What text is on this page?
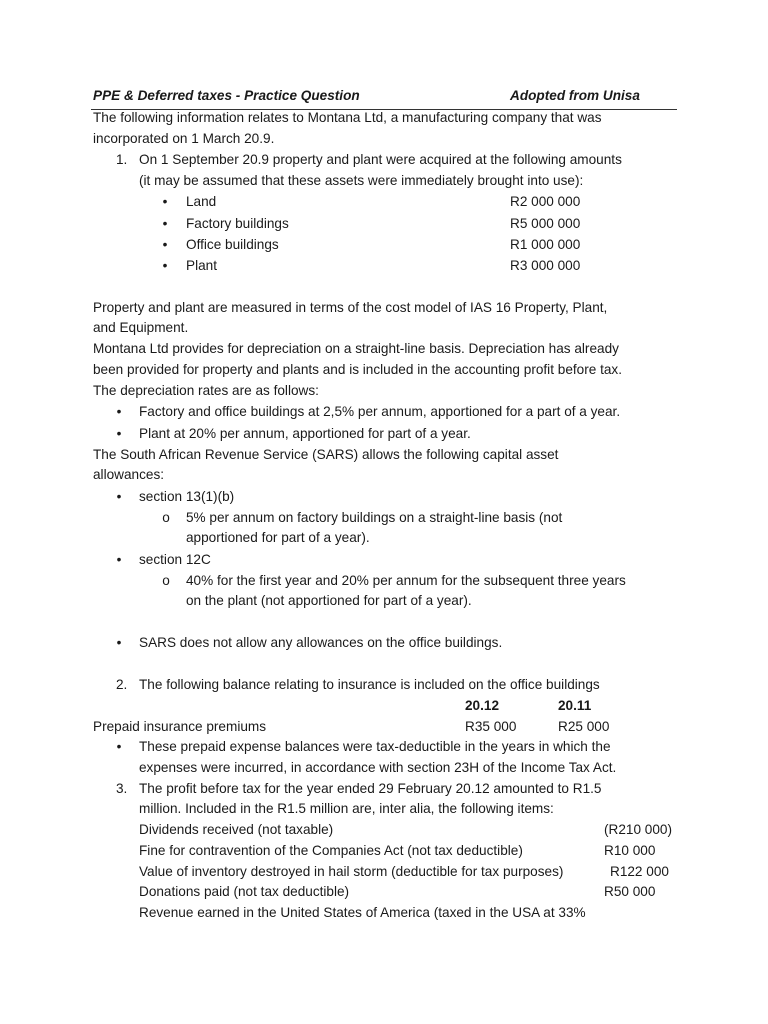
PPE & Deferred taxes - Practice Question	Adopted from Unisa
The following information relates to Montana Ltd, a manufacturing company that was
incorporated on 1 March 20.9.
1. On 1 September 20.9 property and plant were acquired at the following amounts
(it may be assumed that these assets were immediately brought into use):
• Land	R2 000 000
• Factory buildings	R5 000 000
• Office buildings	R1 000 000
• Plant	R3 000 000
Property and plant are measured in terms of the cost model of IAS 16 Property, Plant,
and Equipment.
Montana Ltd provides for depreciation on a straight-line basis. Depreciation has already
been provided for property and plants and is included in the accounting profit before tax.
The depreciation rates are as follows:
• Factory and office buildings at 2,5% per annum, apportioned for a part of a year.
• Plant at 20% per annum, apportioned for part of a year.
The South African Revenue Service (SARS) allows the following capital asset
allowances:
• section 13(1)(b)
o 5% per annum on factory buildings on a straight-line basis (not
apportioned for part of a year).
• section 12C
o 40% for the first year and 20% per annum for the subsequent three years
on the plant (not apportioned for part of a year).
• SARS does not allow any allowances on the office buildings.
2. The following balance relating to insurance is included on the office buildings
20.12	20.11
Prepaid insurance premiums	R35 000	R25 000
• These prepaid expense balances were tax-deductible in the years in which the
expenses were incurred, in accordance with section 23H of the Income Tax Act.
3. The profit before tax for the year ended 29 February 20.12 amounted to R1.5
million. Included in the R1.5 million are, inter alia, the following items:
Dividends received (not taxable)	(R210 000)
Fine for contravention of the Companies Act (not tax deductible)	R10 000
Value of inventory destroyed in hail storm (deductible for tax purposes)	R122 000
Donations paid (not tax deductible)	R50 000
Revenue earned in the United States of America (taxed in the USA at 33%
